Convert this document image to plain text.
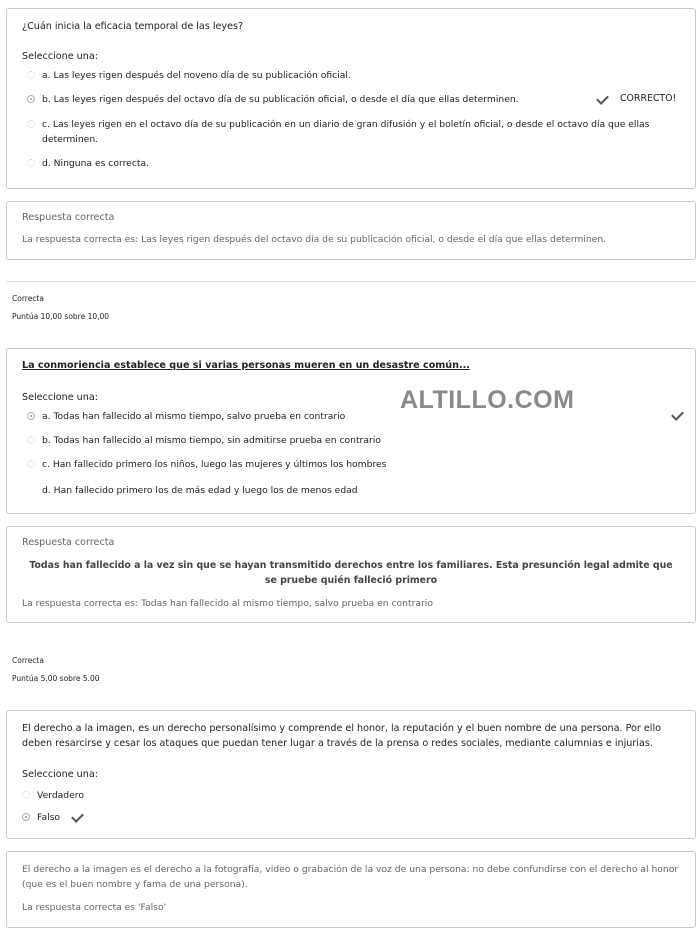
¿Cuán inicia la eficacia temporal de las leyes?
Seleccione una:
a. Las leyes rigen después del noveno día de su publicación oficial.
b. Las leyes rigen después del octavo día de su publicación oficial, o desde el día que ellas determinen.	CORRECTO!
c. Las leyes rigen en el octavo día de su publicación en un diario de gran difusión y el boletín oficial, o desde el octavo día que ellas determinen.
d. Ninguna es correcta.
Respuesta correcta
La respuesta correcta es: Las leyes rigen después del octavo día de su publicación oficial, o desde el día que ellas determinen.
Correcta
Puntúa 10,00 sobre 10,00
La conmoriencia establece que si varias personas mueren en un desastre común...
Seleccione una:
a. Todas han fallecido al mismo tiempo, salvo prueba en contrario
b. Todas han fallecido al mismo tiempo, sin admitirse prueba en contrario
c. Han fallecido primero los niños, luego las mujeres y últimos los hombres
d. Han fallecido primero los de más edad y luego los de menos edad
ALTILLO.COM
Respuesta correcta
Todas han fallecido a la vez sin que se hayan transmitido derechos entre los familiares. Esta presunción legal admite que se pruebe quién falleció primero
La respuesta correcta es: Todas han fallecido al mismo tiempo, salvo prueba en contrario
Correcta
Puntúa 5.00 sobre 5.00
El derecho a la imagen, es un derecho personalísimo y comprende el honor, la reputación y el buen nombre de una persona. Por ello deben resarcirse y cesar los ataques que puedan tener lugar a través de la prensa o redes sociales, mediante calumnias e injurias.
Seleccione una:
Verdadero
Falso
El derecho a la imagen es el derecho a la fotografía, video o grabación de la voz de una persona: no debe confundirse con el derecho al honor (que es el buen nombre y fama de una persona).
La respuesta correcta es 'Falso'
